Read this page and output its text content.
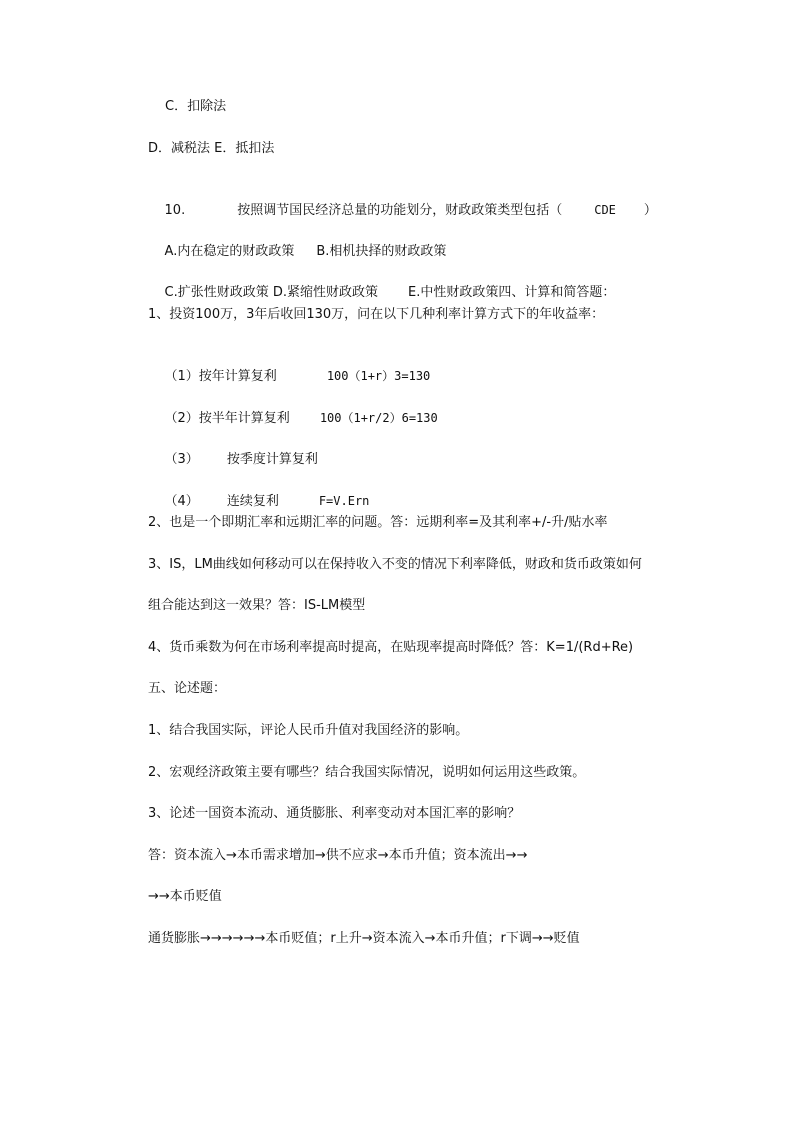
C．扣除法
D．减税法 E．抵扣法

10.	按照调节国民经济总量的功能划分，财政政策类型包括（	CDE ）

A.内在稳定的财政政策 B.相机抉择的财政政策

C.扩张性财政政策 D.紧缩性财政政策 E.中性财政政策四、计算和简答题：

1、投资100万，3年后收回130万，问在以下几种利率计算方式下的年收益率：

（1）按年计算复利	100（1+r）3=130

（2）按半年计算复利	100（1+r/2）6=130

（3） 按季度计算复利

（4） 连续复利	F=V.Ern

2、也是一个即期汇率和远期汇率的问题。答：远期利率=及其利率+/-升/贴水率
3、IS，LM曲线如何移动可以在保持收入不变的情况下利率降低，财政和货币政策如何
组合能达到这一效果？答：IS-LM模型
4、货币乘数为何在市场利率提高时提高，在贴现率提高时降低？答：K=1/(Rd+Re)
五、论述题：
1、结合我国实际，评论人民币升值对我国经济的影响。
2、宏观经济政策主要有哪些？结合我国实际情况，说明如何运用这些政策。
3、论述一国资本流动、通货膨胀、利率变动对本国汇率的影响？
答：资本流入→本币需求增加→供不应求→本币升值；资本流出→→
→→本币贬值
通货膨胀→→→→→→本币贬值；r上升→资本流入→本币升值；r下调→→贬值
